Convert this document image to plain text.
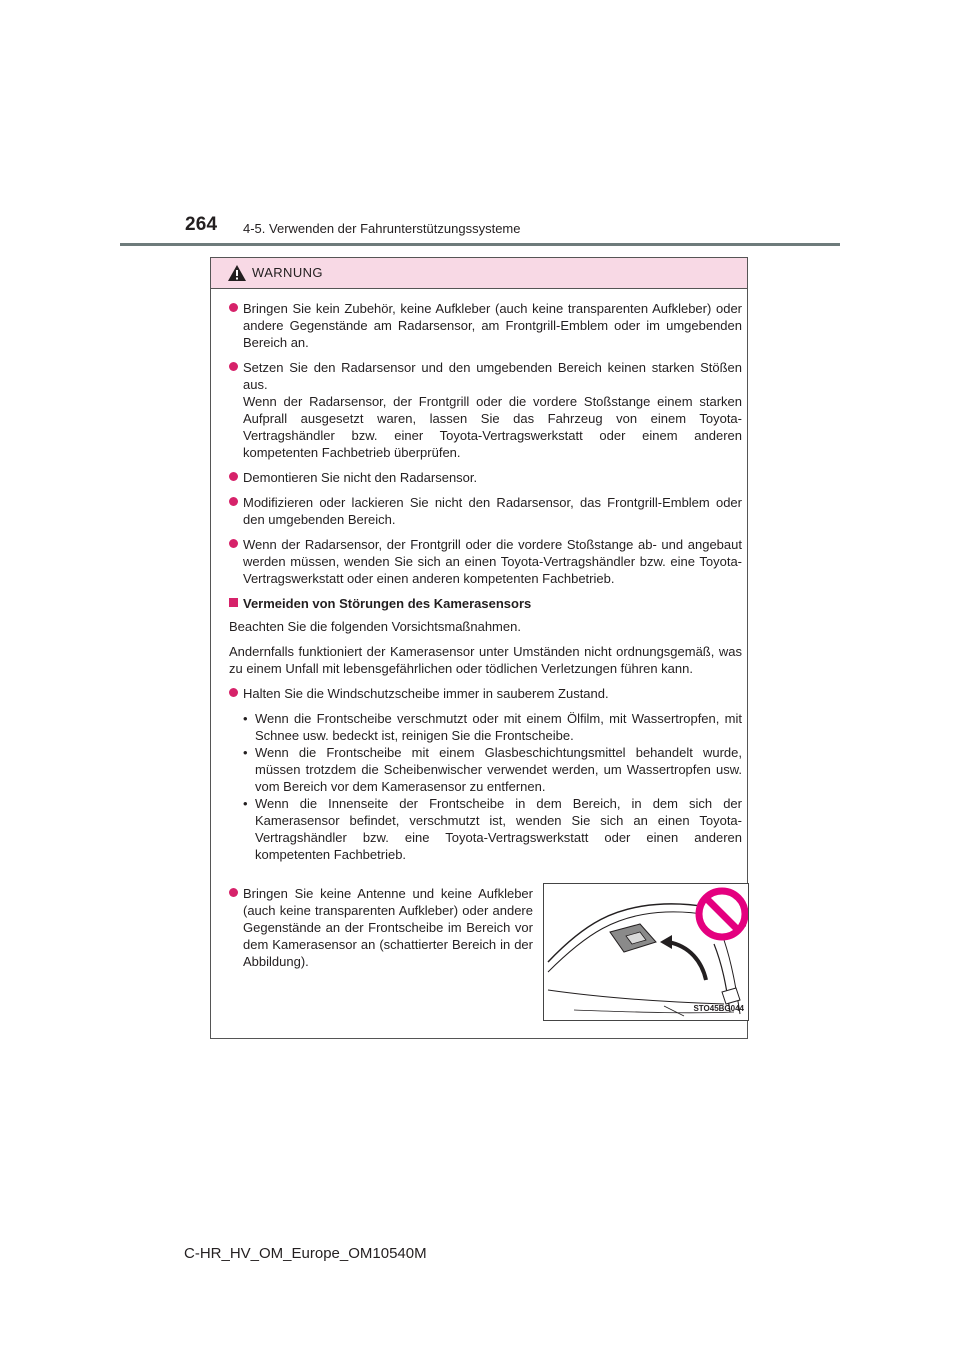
264 4-5. Verwenden der Fahrunterstützungssysteme
WARNUNG

Bringen Sie kein Zubehör, keine Aufkleber (auch keine transparenten Aufkleber) oder andere Gegenstände am Radarsensor, am Frontgrill-Emblem oder im umgebenden Bereich an.

Setzen Sie den Radarsensor und den umgebenden Bereich keinen starken Stößen aus.

Wenn der Radarsensor, der Frontgrill oder die vordere Stoßstange einem starken Aufprall ausgesetzt waren, lassen Sie das Fahrzeug von einem Toyota-Vertragshändler bzw. einer Toyota-Vertragswerkstatt oder einem anderen kompetenten Fachbetrieb überprüfen.

Demontieren Sie nicht den Radarsensor.

Modifizieren oder lackieren Sie nicht den Radarsensor, das Frontgrill-Emblem oder den umgebenden Bereich.

Wenn der Radarsensor, der Frontgrill oder die vordere Stoßstange ab- und angebaut werden müssen, wenden Sie sich an einen Toyota-Vertragshändler bzw. eine Toyota-Vertragswerkstatt oder einen anderen kompetenten Fachbetrieb.

Vermeiden von Störungen des Kamerasensors

Beachten Sie die folgenden Vorsichtsmaßnahmen.

Andernfalls funktioniert der Kamerasensor unter Umständen nicht ordnungsgemäß, was zu einem Unfall mit lebensgefährlichen oder tödlichen Verletzungen führen kann.

Halten Sie die Windschutzscheibe immer in sauberem Zustand.

• Wenn die Frontscheibe verschmutzt oder mit einem Ölfilm, mit Wassertropfen, mit Schnee usw. bedeckt ist, reinigen Sie die Frontscheibe.
• Wenn die Frontscheibe mit einem Glasbeschichtungsmittel behandelt wurde, müssen trotzdem die Scheibenwischer verwendet werden, um Wassertropfen usw. vom Bereich vor dem Kamerasensor zu entfernen.
• Wenn die Innenseite der Frontscheibe in dem Bereich, in dem sich der Kamerasensor befindet, verschmutzt ist, wenden Sie sich an einen Toyota-Vertragshändler bzw. eine Toyota-Vertragswerkstatt oder einen anderen kompetenten Fachbetrieb.

Bringen Sie keine Antenne und keine Aufkleber (auch keine transparenten Aufkleber) oder andere Gegenstände an der Frontscheibe im Bereich vor dem Kamerasensor an (schattierter Bereich in der Abbildung).

STO45BG044
C-HR_HV_OM_Europe_OM10540M
